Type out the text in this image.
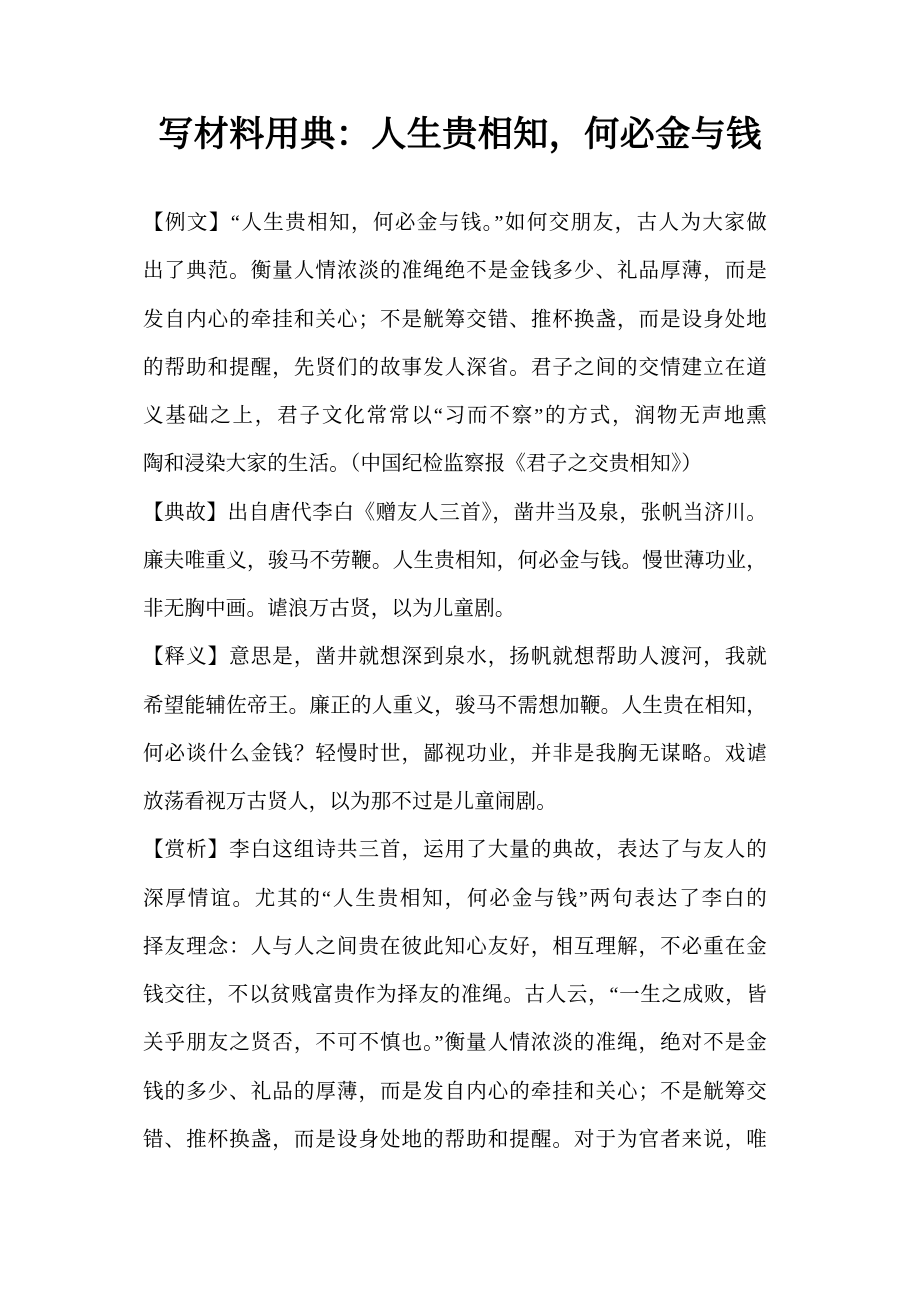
写材料用典：人生贵相知，何必金与钱
【例文】“人生贵相知，何必金与钱。”如何交朋友，古人为大家做
出了典范。衡量人情浓淡的准绳绝不是金钱多少、礼品厚薄，而是
发自内心的牵挂和关心；不是觥筹交错、推杯换盏，而是设身处地
的帮助和提醒，先贤们的故事发人深省。君子之间的交情建立在道
义基础之上，君子文化常常以“习而不察”的方式，润物无声地熏
陶和浸染大家的生活。（中国纪检监察报《君子之交贵相知》）
【典故】出自唐代李白《赠友人三首》，凿井当及泉，张帆当济川。
廉夫唯重义，骏马不劳鞭。人生贵相知，何必金与钱。慢世薄功业，
非无胸中画。谑浪万古贤，以为儿童剧。
【释义】意思是，凿井就想深到泉水，扬帆就想帮助人渡河，我就
希望能辅佐帝王。廉正的人重义，骏马不需想加鞭。人生贵在相知，
何必谈什么金钱？轻慢时世，鄙视功业，并非是我胸无谋略。戏谑
放荡看视万古贤人，以为那不过是儿童闹剧。
【赏析】李白这组诗共三首，运用了大量的典故，表达了与友人的
深厚情谊。尤其的“人生贵相知，何必金与钱”两句表达了李白的
择友理念：人与人之间贵在彼此知心友好，相互理解，不必重在金
钱交往，不以贫贱富贵作为择友的准绳。古人云，“一生之成败，皆
关乎朋友之贤否，不可不慎也。”衡量人情浓淡的准绳，绝对不是金
钱的多少、礼品的厚薄，而是发自内心的牵挂和关心；不是觥筹交
错、推杯换盏，而是设身处地的帮助和提醒。对于为官者来说，唯
